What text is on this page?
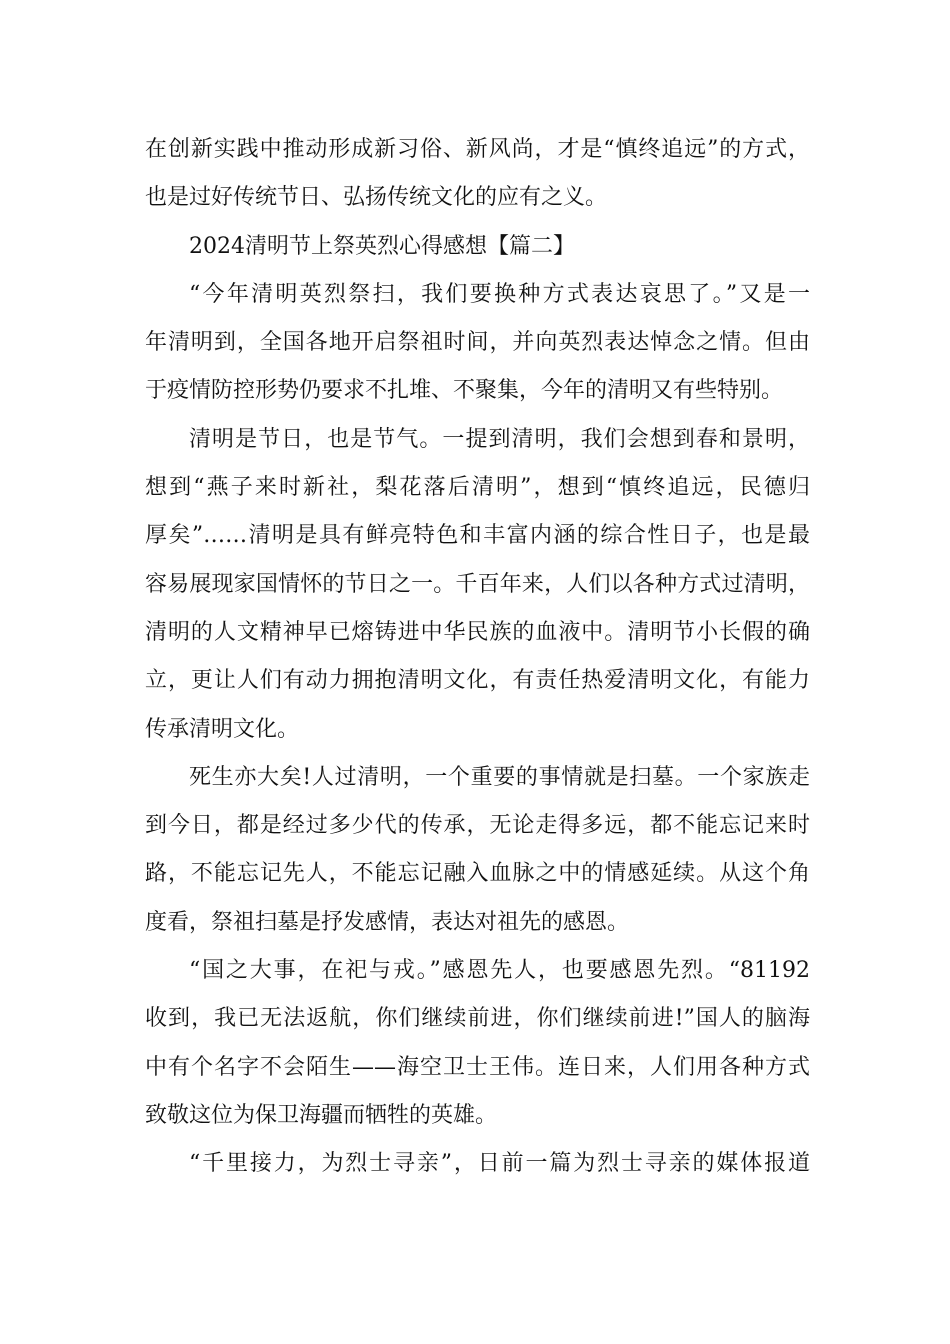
在创新实践中推动形成新习俗、新风尚，才是“慎终追远”的方式，
也是过好传统节日、弘扬传统文化的应有之义。
2024清明节上祭英烈心得感想【篇二】
“今年清明英烈祭扫，我们要换种方式表达哀思了。”又是一
年清明到，全国各地开启祭祖时间，并向英烈表达悼念之情。但由
于疫情防控形势仍要求不扎堆、不聚集，今年的清明又有些特别。
清明是节日，也是节气。一提到清明，我们会想到春和景明，
想到“燕子来时新社，梨花落后清明”，想到“慎终追远，民德归
厚矣”……清明是具有鲜亮特色和丰富内涵的综合性日子，也是最
容易展现家国情怀的节日之一。千百年来，人们以各种方式过清明，
清明的人文精神早已熔铸进中华民族的血液中。清明节小长假的确
立，更让人们有动力拥抱清明文化，有责任热爱清明文化，有能力
传承清明文化。
死生亦大矣!人过清明，一个重要的事情就是扫墓。一个家族走
到今日，都是经过多少代的传承，无论走得多远，都不能忘记来时
路，不能忘记先人，不能忘记融入血脉之中的情感延续。从这个角
度看，祭祖扫墓是抒发感情，表达对祖先的感恩。
“国之大事，在祀与戎。”感恩先人，也要感恩先烈。“81192
收到，我已无法返航，你们继续前进，你们继续前进!”国人的脑海
中有个名字不会陌生——海空卫士王伟。连日来，人们用各种方式
致敬这位为保卫海疆而牺牲的英雄。
“千里接力，为烈士寻亲”，日前一篇为烈士寻亲的媒体报道
